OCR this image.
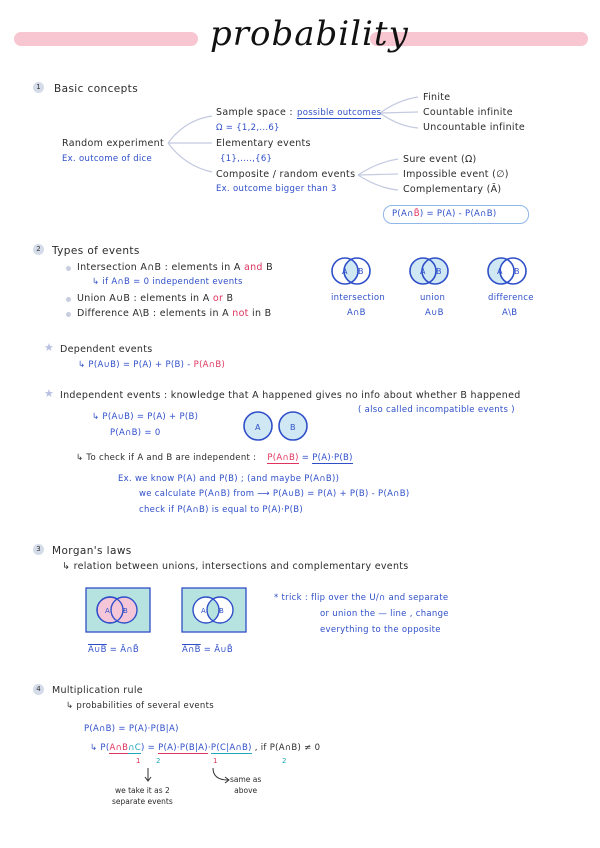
probability
1	Basic concepts
Random experiment
Ex. outcome of dice
Sample space : possible outcomes
Ω = {1,2,...6}
Finite
Countable infinite
Uncountable infinite
Elementary events
{1},....,{6}
Composite / random events
Ex. outcome bigger than 3
Sure event (Ω)
Impossible event (∅)
Complementary (Ā)
P(A∩B̄) = P(A) - P(A∩B)
2	Types of events
Intersection A∩B : elements in A and B
↳ if A∩B = 0 independent events
Union A∪B : elements in A or B
Difference A\B : elements in A not in B
A B	A B	A B
intersection
A∩B
union
A∪B
difference
A\B
★ Dependent events
↳ P(A∪B) = P(A) + P(B) - P(A∩B)
★ Independent events : knowledge that A happened gives no info about whether B happened
( also called incompatible events )
↳ P(A∪B) = P(A) + P(B)
P(A∩B) = 0
A	B
↳ To check if A and B are independent : P(A∩B) = P(A)·P(B)
Ex. we know P(A) and P(B) ; (and maybe P(A∩B))
we calculate P(A∩B) from ⟶ P(A∪B) = P(A) + P(B) - P(A∩B)
check if P(A∩B) is equal to P(A)·P(B)
3	Morgan's laws
↳ relation between unions, intersections and complementary events
A B	A B
A∪B = Ā∩B̄	A∩B = Ā∪B̄
* trick : flip over the U/∩ and separate
or union the — line , change
everything to the opposite
4	Multiplication rule
↳ probabilities of several events
P(A∩B) = P(A)·P(B|A)
↳ P(A∩B∩C) = P(A)·P(B|A)·P(C|A∩B) , if P(A∩B) ≠ 0
1 2	1	2
we take it as 2
separate events
same as
above
